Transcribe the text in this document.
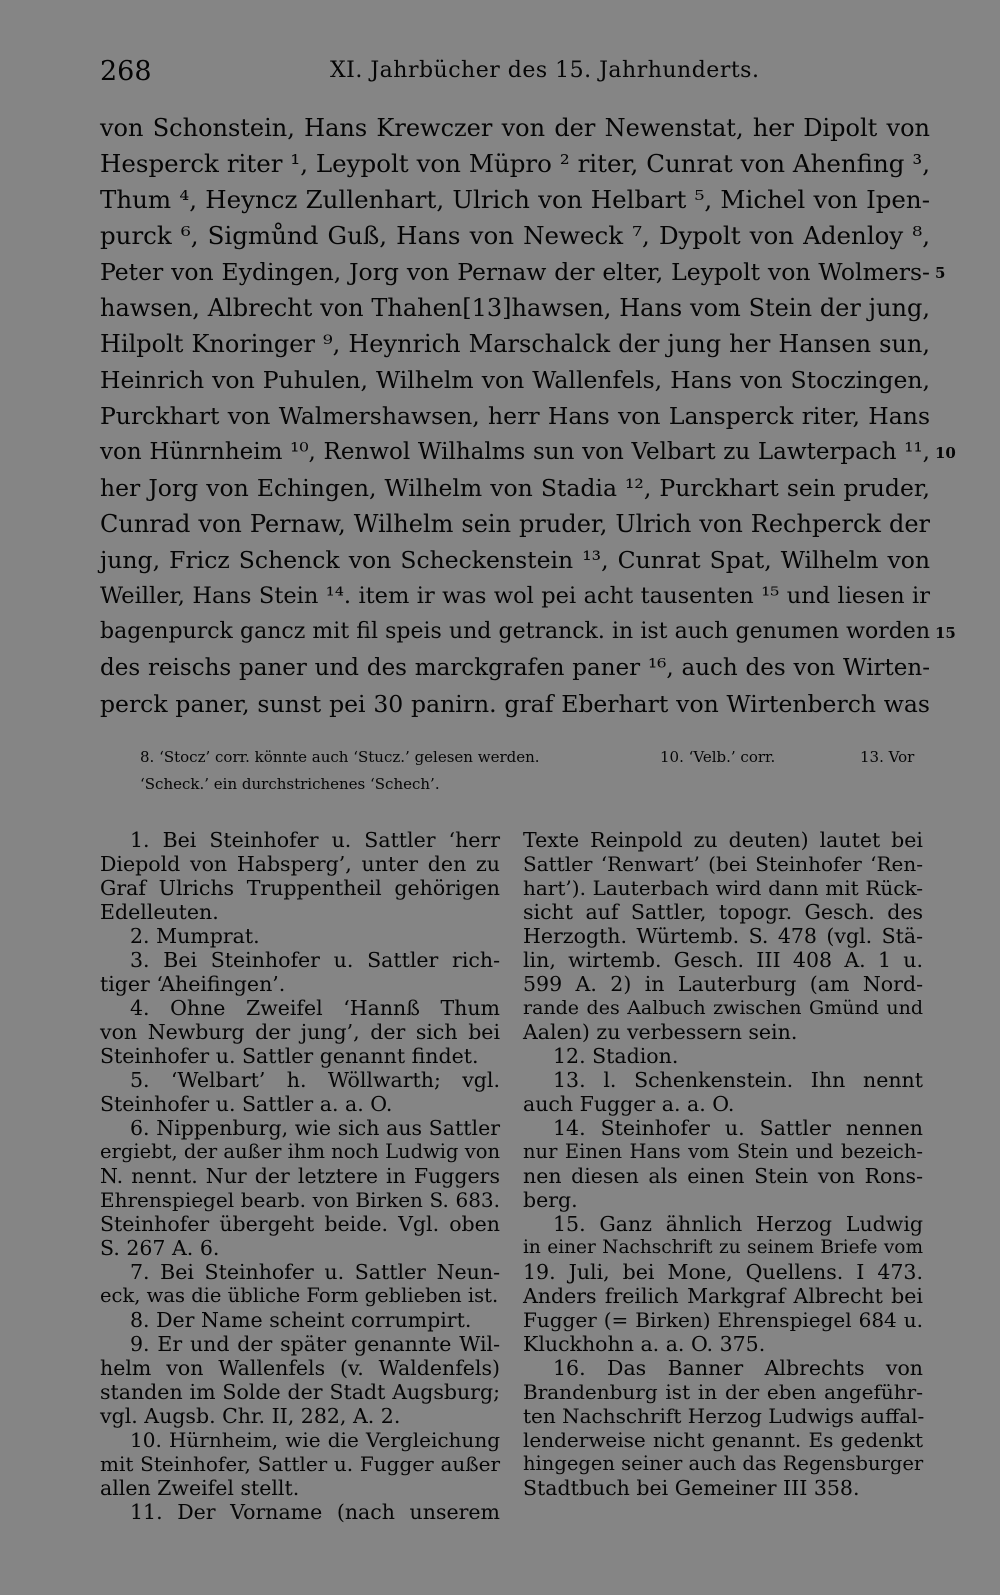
268	XI. Jahrbücher des 15. Jahrhunderts.
von Schonstein, Hans Krewczer von der Newenstat, her Dipolt von
Hesperck riter ¹, Leypolt von Müpro ² riter, Cunrat von Ahenfing ³,
Thum ⁴, Heyncz Zullenhart, Ulrich von Helbart ⁵, Michel von Ipen-
purck ⁶, Sigmůnd Guß, Hans von Neweck ⁷, Dypolt von Adenloy ⁸,
Peter von Eydingen, Jorg von Pernaw der elter, Leypolt von Wolmers-
hawsen, Albrecht von Thahen[13]hawsen, Hans vom Stein der jung,
Hilpolt Knoringer ⁹, Heynrich Marschalck der jung her Hansen sun,
Heinrich von Puhulen, Wilhelm von Wallenfels, Hans von Stoczingen,
Purckhart von Walmershawsen, herr Hans von Lansperck riter, Hans
von Hünrnheim ¹⁰, Renwol Wilhalms sun von Velbart zu Lawterpach ¹¹,
her Jorg von Echingen, Wilhelm von Stadia ¹², Purckhart sein pruder,
Cunrad von Pernaw, Wilhelm sein pruder, Ulrich von Rechperck der
jung, Fricz Schenck von Scheckenstein ¹³, Cunrat Spat, Wilhelm von
Weiller, Hans Stein ¹⁴. item ir was wol pei acht tausenten ¹⁵ und liesen ir
bagenpurck gancz mit fil speis und getranck. in ist auch genumen worden
des reischs paner und des marckgrafen paner ¹⁶, auch des von Wirten-
perck paner, sunst pei 30 panirn. graf Eberhart von Wirtenberch was
5
10
15
8. ‘Stocz’ corr. könnte auch ‘Stucz.’ gelesen werden.	10. ‘Velb.’ corr.	13. Vor
‘Scheck.’ ein durchstrichenes ‘Schech’.
1. Bei Steinhofer u. Sattler ‘herr
Diepold von Habsperg’, unter den zu
Graf Ulrichs Truppentheil gehörigen
Edelleuten.
2. Mumprat.
3. Bei Steinhofer u. Sattler rich-
tiger ‘Aheifingen’.
4. Ohne Zweifel ‘Hannß Thum
von Newburg der jung’, der sich bei
Steinhofer u. Sattler genannt findet.
5. ‘Welbart’ h. Wöllwarth; vgl.
Steinhofer u. Sattler a. a. O.
6. Nippenburg, wie sich aus Sattler
ergiebt, der außer ihm noch Ludwig von
N. nennt. Nur der letztere in Fuggers
Ehrenspiegel bearb. von Birken S. 683.
Steinhofer übergeht beide. Vgl. oben
S. 267 A. 6.
7. Bei Steinhofer u. Sattler Neun-
eck, was die übliche Form geblieben ist.
8. Der Name scheint corrumpirt.
9. Er und der später genannte Wil-
helm von Wallenfels (v. Waldenfels)
standen im Solde der Stadt Augsburg;
vgl. Augsb. Chr. II, 282, A. 2.
10. Hürnheim, wie die Vergleichung
mit Steinhofer, Sattler u. Fugger außer
allen Zweifel stellt.
11. Der Vorname (nach unserem
Texte Reinpold zu deuten) lautet bei
Sattler ‘Renwart’ (bei Steinhofer ‘Ren-
hart’). Lauterbach wird dann mit Rück-
sicht auf Sattler, topogr. Gesch. des
Herzogth. Würtemb. S. 478 (vgl. Stä-
lin, wirtemb. Gesch. III 408 A. 1 u.
599 A. 2) in Lauterburg (am Nord-
rande des Aalbuch zwischen Gmünd und
Aalen) zu verbessern sein.
12. Stadion.
13. l. Schenkenstein. Ihn nennt
auch Fugger a. a. O.
14. Steinhofer u. Sattler nennen
nur Einen Hans vom Stein und bezeich-
nen diesen als einen Stein von Rons-
berg.
15. Ganz ähnlich Herzog Ludwig
in einer Nachschrift zu seinem Briefe vom
19. Juli, bei Mone, Quellens. I 473.
Anders freilich Markgraf Albrecht bei
Fugger (= Birken) Ehrenspiegel 684 u.
Kluckhohn a. a. O. 375.
16. Das Banner Albrechts von
Brandenburg ist in der eben angeführ-
ten Nachschrift Herzog Ludwigs auffal-
lenderweise nicht genannt. Es gedenkt
hingegen seiner auch das Regensburger
Stadtbuch bei Gemeiner III 358.
